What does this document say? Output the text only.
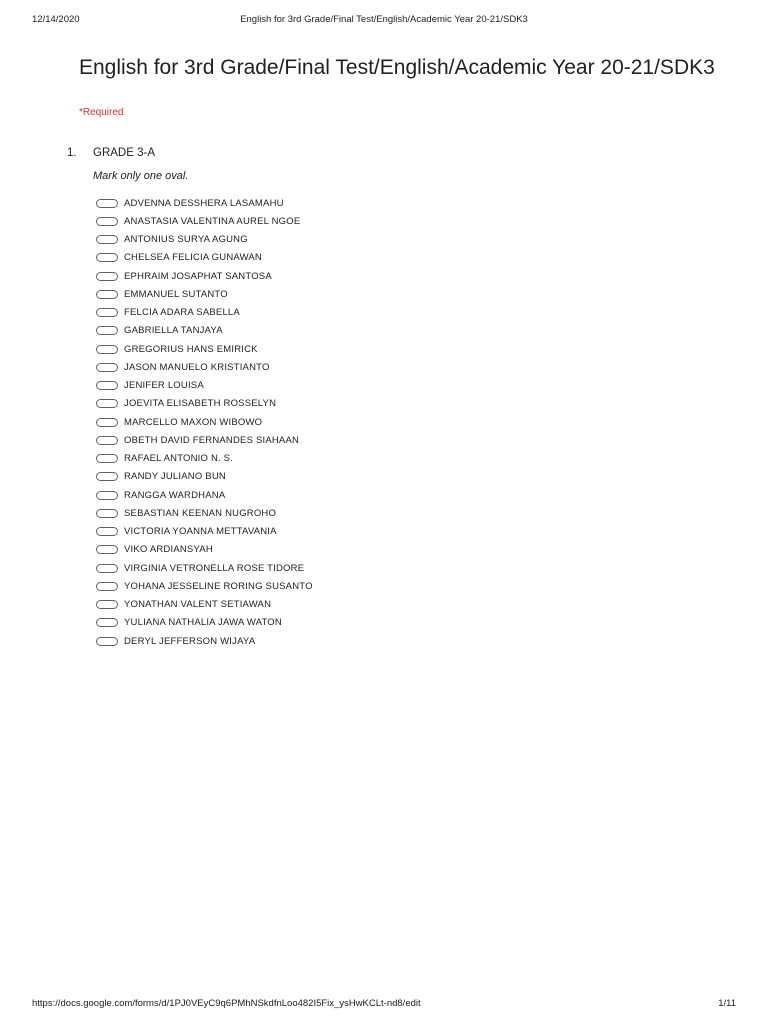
12/14/2020	English for 3rd Grade/Final Test/English/Academic Year 20-21/SDK3
English for 3rd Grade/Final Test/English/Academic Year 20-21/SDK3
*Required
1. GRADE 3-A
Mark only one oval.
ADVENNA DESSHERA LASAMAHU
ANASTASIA VALENTINA AUREL NGOE
ANTONIUS SURYA AGUNG
CHELSEA FELICIA GUNAWAN
EPHRAIM JOSAPHAT SANTOSA
EMMANUEL SUTANTO
FELCIA ADARA SABELLA
GABRIELLA TANJAYA
GREGORIUS HANS EMIRICK
JASON MANUELO KRISTIANTO
JENIFER LOUISA
JOEVITA ELISABETH ROSSELYN
MARCELLO MAXON WIBOWO
OBETH DAVID FERNANDES SIAHAAN
RAFAEL ANTONIO N. S.
RANDY JULIANO BUN
RANGGA WARDHANA
SEBASTIAN KEENAN NUGROHO
VICTORIA YOANNA METTAVANIA
VIKO ARDIANSYAH
VIRGINIA VETRONELLA ROSE TIDORE
YOHANA JESSELINE RORING SUSANTO
YONATHAN VALENT SETIAWAN
YULIANA NATHALIA JAWA WATON
DERYL JEFFERSON WIJAYA
https://docs.google.com/forms/d/1PJ0VEyC9q6PMhNSkdfnLoo482I5Fix_ysHwKCLt-nd8/edit	1/11
